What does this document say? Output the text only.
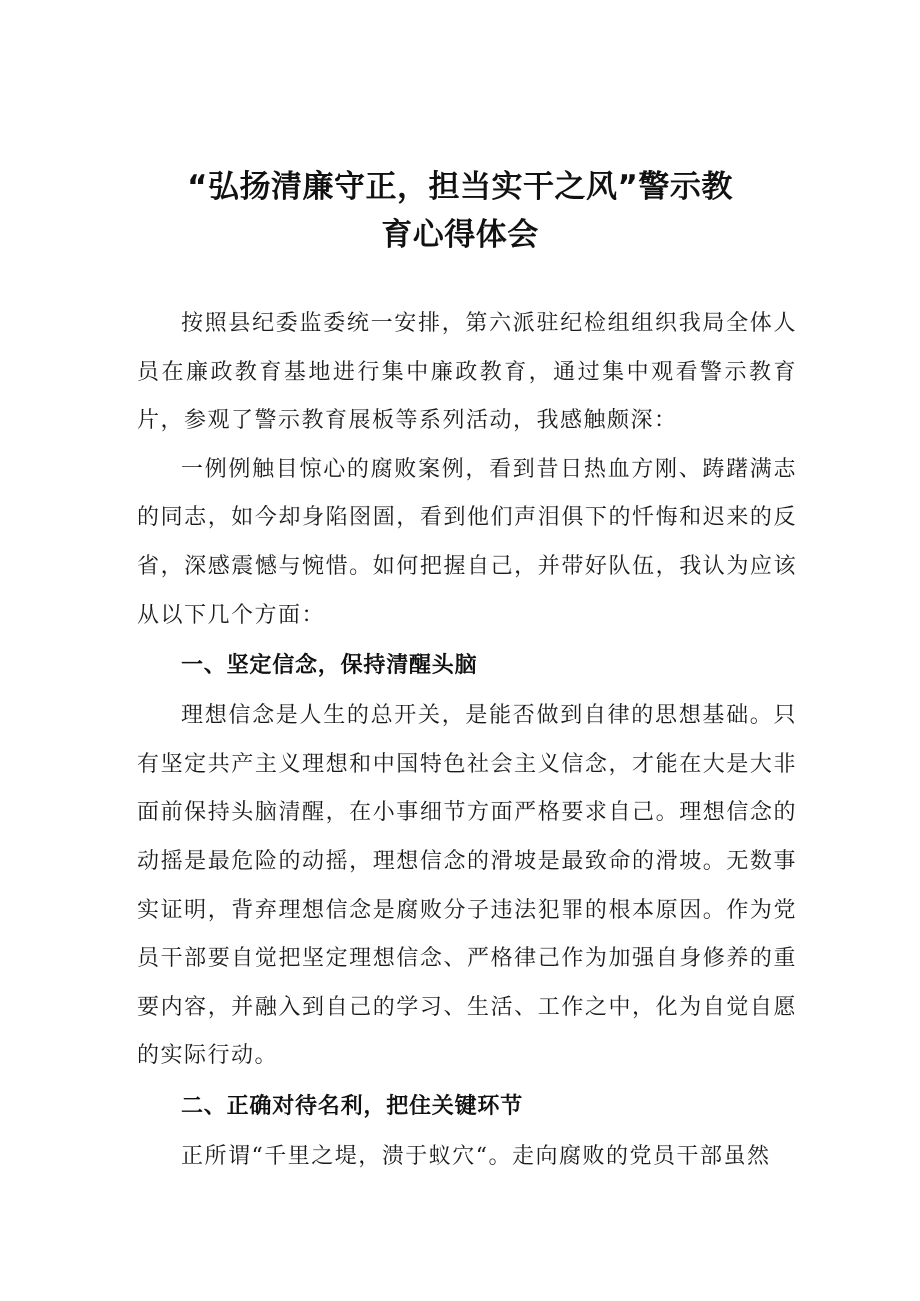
“弘扬清廉守正，担当实干之风”警示教
育心得体会

按照县纪委监委统一安排，第六派驻纪检组组织我局全体人员在廉政教育基地进行集中廉政教育，通过集中观看警示教育片，参观了警示教育展板等系列活动，我感触颇深：

一例例触目惊心的腐败案例，看到昔日热血方刚、踌躇满志的同志，如今却身陷囹圄，看到他们声泪俱下的忏悔和迟来的反省，深感震憾与惋惜。如何把握自己，并带好队伍，我认为应该从以下几个方面：

一、坚定信念，保持清醒头脑

理想信念是人生的总开关，是能否做到自律的思想基础。只有坚定共产主义理想和中国特色社会主义信念，才能在大是大非面前保持头脑清醒，在小事细节方面严格要求自己。理想信念的动摇是最危险的动摇，理想信念的滑坡是最致命的滑坡。无数事实证明，背弃理想信念是腐败分子违法犯罪的根本原因。作为党员干部要自觉把坚定理想信念、严格律己作为加强自身修养的重要内容，并融入到自己的学习、生活、工作之中，化为自觉自愿的实际行动。

二、正确对待名利，把住关键环节

正所谓“千里之堤，溃于蚁穴“。走向腐败的党员干部虽然
